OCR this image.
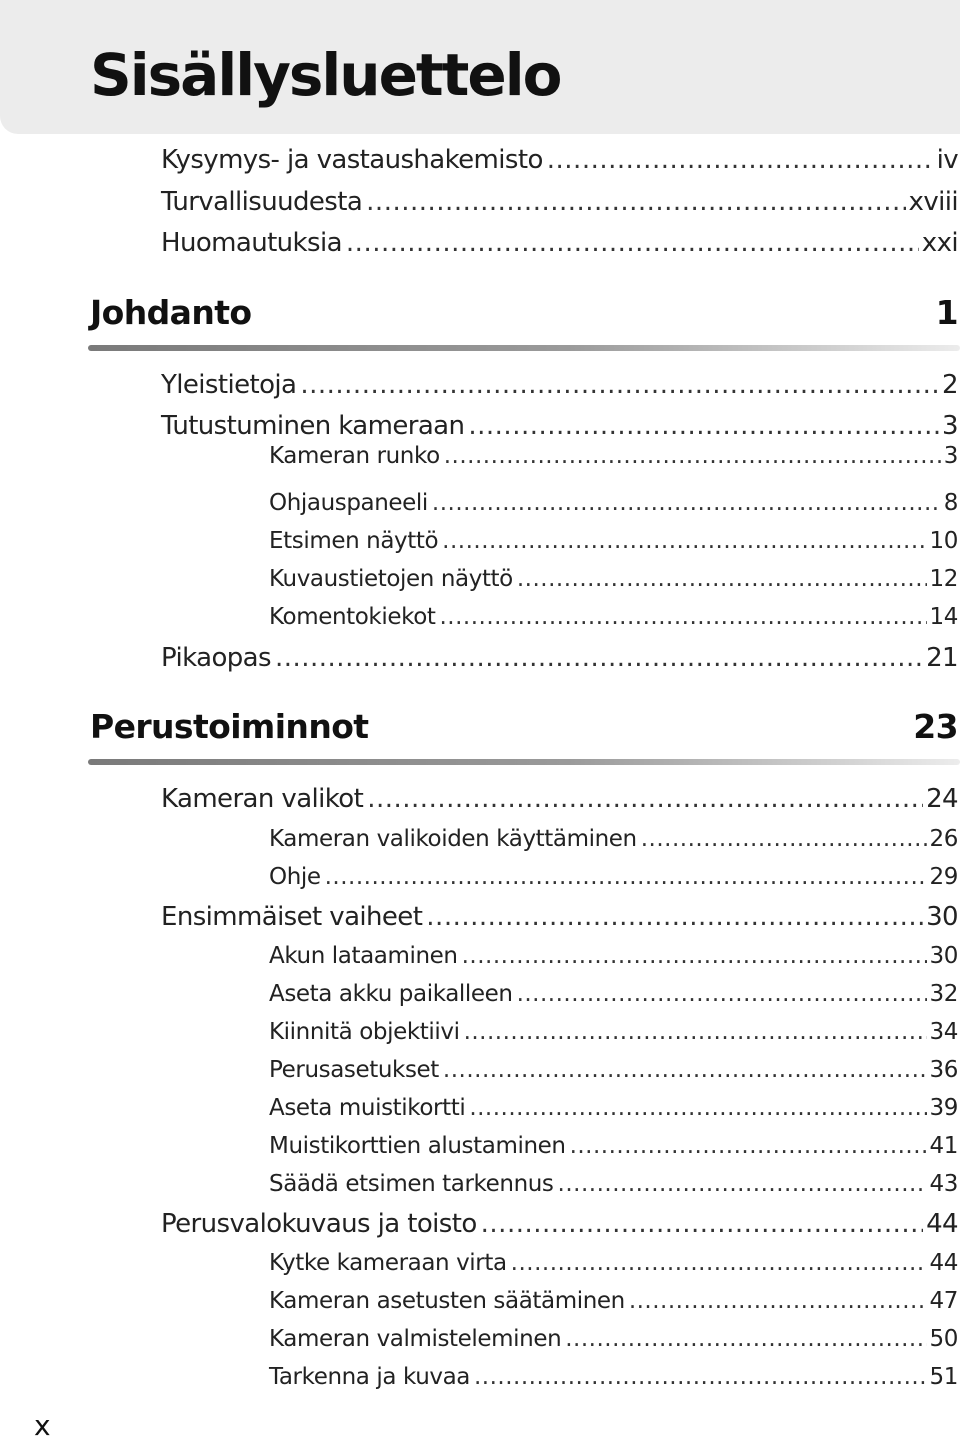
Sisällysluettelo
Kysymys- ja vastaushakemisto .....	iv
Turvallisuudesta .....	xviii
Huomautuksia .....	xxi
Johdanto	1
Yleistietoja .....	2
Tutustuminen kameraan .....	3
Kameran runko .....	3
Ohjauspaneeli .....	8
Etsimen näyttö .....	10
Kuvaustietojen näyttö .....	12
Komentokiekot .....	14
Pikaopas .....	21
Perustoiminnot	23
Kameran valikot .....	24
Kameran valikoiden käyttäminen .....	26
Ohje .....	29
Ensimmäiset vaiheet .....	30
Akun lataaminen .....	30
Aseta akku paikalleen .....	32
Kiinnitä objektiivi .....	34
Perusasetukset .....	36
Aseta muistikortti .....	39
Muistikorttien alustaminen .....	41
Säädä etsimen tarkennus .....	43
Perusvalokuvaus ja toisto .....	44
Kytke kameraan virta .....	44
Kameran asetusten säätäminen .....	47
Kameran valmisteleminen .....	50
Tarkenna ja kuvaa .....	51
x
